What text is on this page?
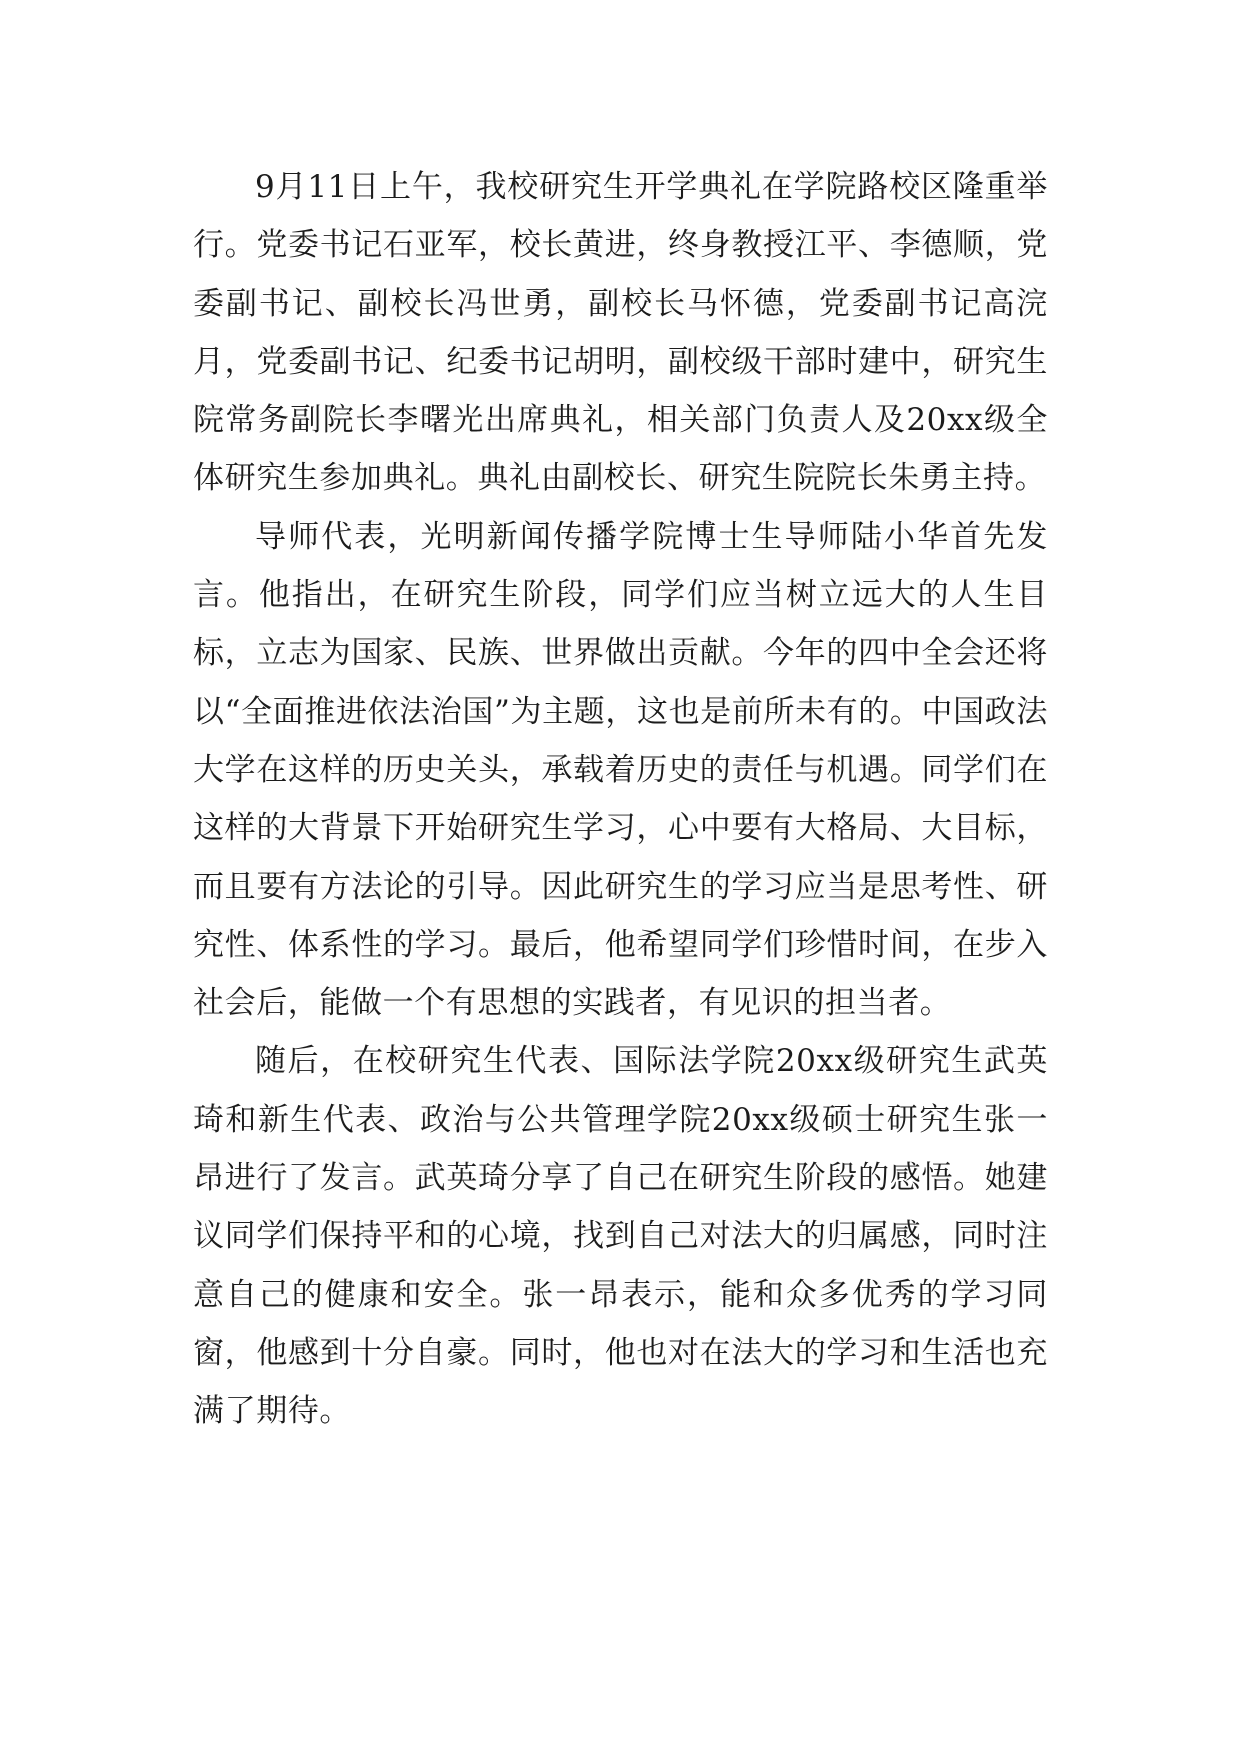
9月11日上午，我校研究生开学典礼在学院路校区隆重举行。党委书记石亚军，校长黄进，终身教授江平、李德顺，党委副书记、副校长冯世勇，副校长马怀德，党委副书记高浣月，党委副书记、纪委书记胡明，副校级干部时建中，研究生院常务副院长李曙光出席典礼，相关部门负责人及20xx级全体研究生参加典礼。典礼由副校长、研究生院院长朱勇主持。

导师代表，光明新闻传播学院博士生导师陆小华首先发言。他指出，在研究生阶段，同学们应当树立远大的人生目标，立志为国家、民族、世界做出贡献。今年的四中全会还将以“全面推进依法治国”为主题，这也是前所未有的。中国政法大学在这样的历史关头，承载着历史的责任与机遇。同学们在这样的大背景下开始研究生学习，心中要有大格局、大目标，而且要有方法论的引导。因此研究生的学习应当是思考性、研究性、体系性的学习。最后，他希望同学们珍惜时间，在步入社会后，能做一个有思想的实践者，有见识的担当者。

随后，在校研究生代表、国际法学院20xx级研究生武英琦和新生代表、政治与公共管理学院20xx级硕士研究生张一昂进行了发言。武英琦分享了自己在研究生阶段的感悟。她建议同学们保持平和的心境，找到自己对法大的归属感，同时注意自己的健康和安全。张一昂表示，能和众多优秀的学习同窗，他感到十分自豪。同时，他也对在法大的学习和生活也充满了期待。
